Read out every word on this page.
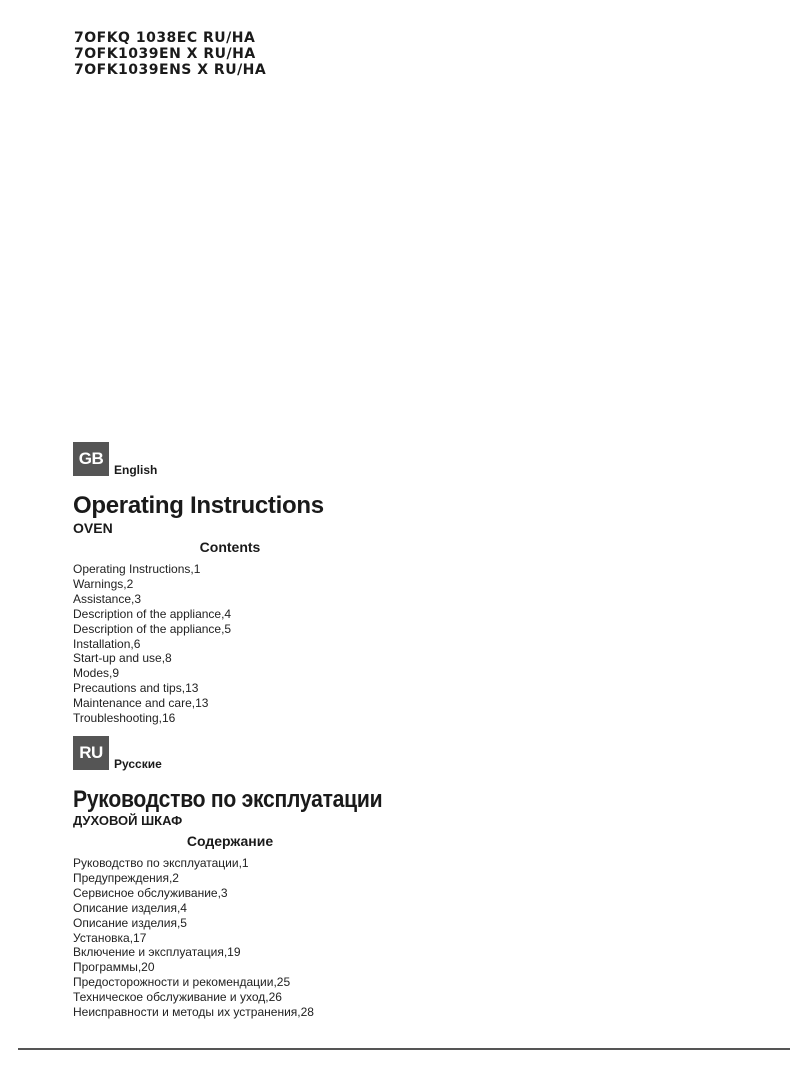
7OFKQ 1038EC RU/HA
7OFK1039EN X RU/HA
7OFK1039ENS X RU/HA
GB
English
Operating Instructions
OVEN
Contents
Operating Instructions,1
Warnings,2
Assistance,3
Description of the appliance,4
Description of the appliance,5
Installation,6
Start-up and use,8
Modes,9
Precautions and tips,13
Maintenance and care,13
Troubleshooting,16
RU
Русские
Руководство по эксплуатации
ДУХОВОЙ ШКАФ
Содержание
Руководство по эксплуатации,1
Предупреждения,2
Сервисное обслуживание,3
Описание изделия,4
Описание изделия,5
Установка,17
Включение и эксплуатация,19
Программы,20
Предосторожности и рекомендации,25
Техническое обслуживание и уход,26
Неисправности и методы их устранения,28
